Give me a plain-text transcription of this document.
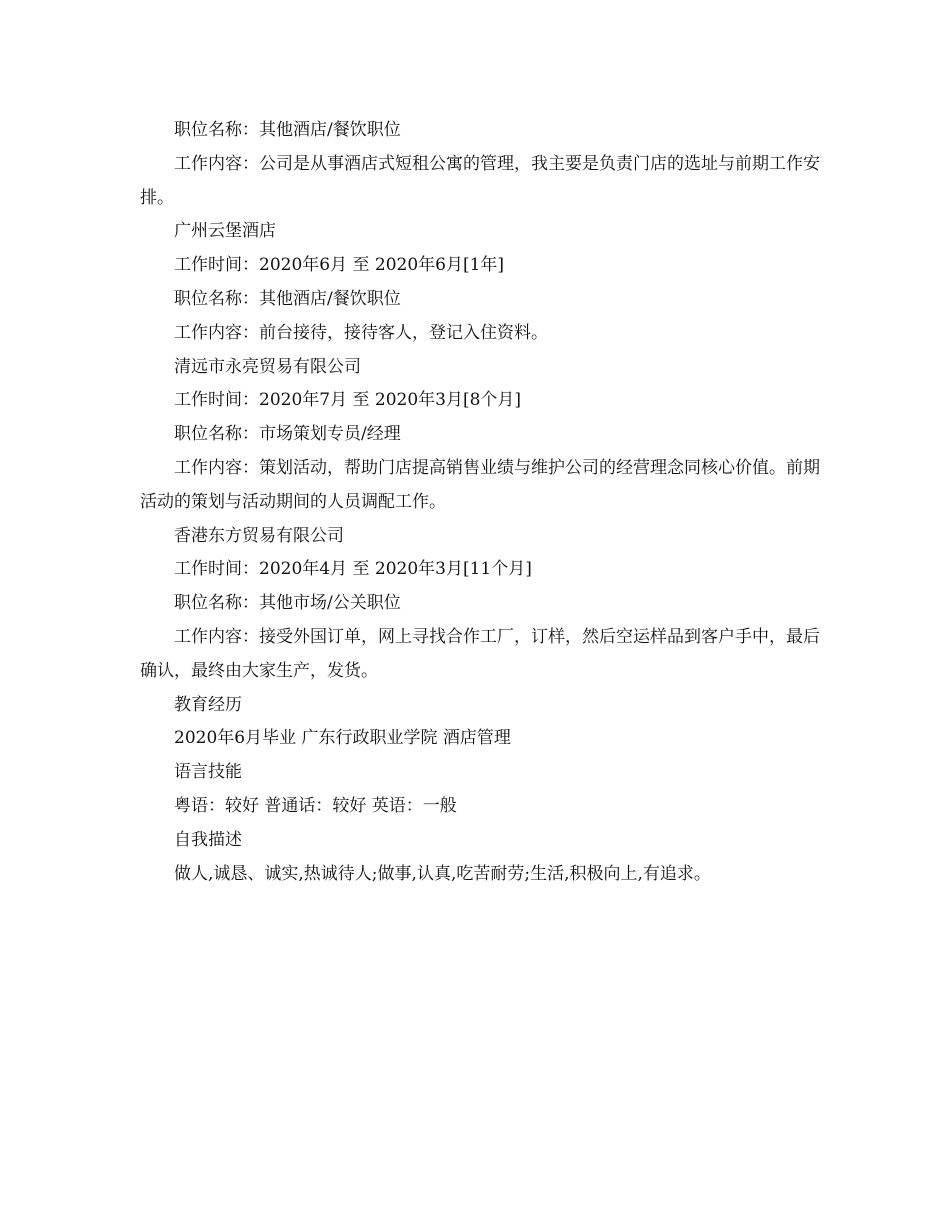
职位名称：其他酒店/餐饮职位

工作内容：公司是从事酒店式短租公寓的管理，我主要是负责门店的选址与前期工作安排。

广州云堡酒店

工作时间：2020年6月 至 2020年6月[1年]

职位名称：其他酒店/餐饮职位

工作内容：前台接待，接待客人，登记入住资料。

清远市永亮贸易有限公司

工作时间：2020年7月 至 2020年3月[8个月]

职位名称：市场策划专员/经理

工作内容：策划活动，帮助门店提高销售业绩与维护公司的经营理念同核心价值。前期活动的策划与活动期间的人员调配工作。

香港东方贸易有限公司

工作时间：2020年4月 至 2020年3月[11个月]

职位名称：其他市场/公关职位

工作内容：接受外国订单，网上寻找合作工厂，订样，然后空运样品到客户手中，最后确认，最终由大家生产，发货。

教育经历

2020年6月毕业 广东行政职业学院 酒店管理

语言技能

粤语：较好 普通话：较好 英语：一般

自我描述

做人,诚恳、诚实,热诚待人;做事,认真,吃苦耐劳;生活,积极向上,有追求。
